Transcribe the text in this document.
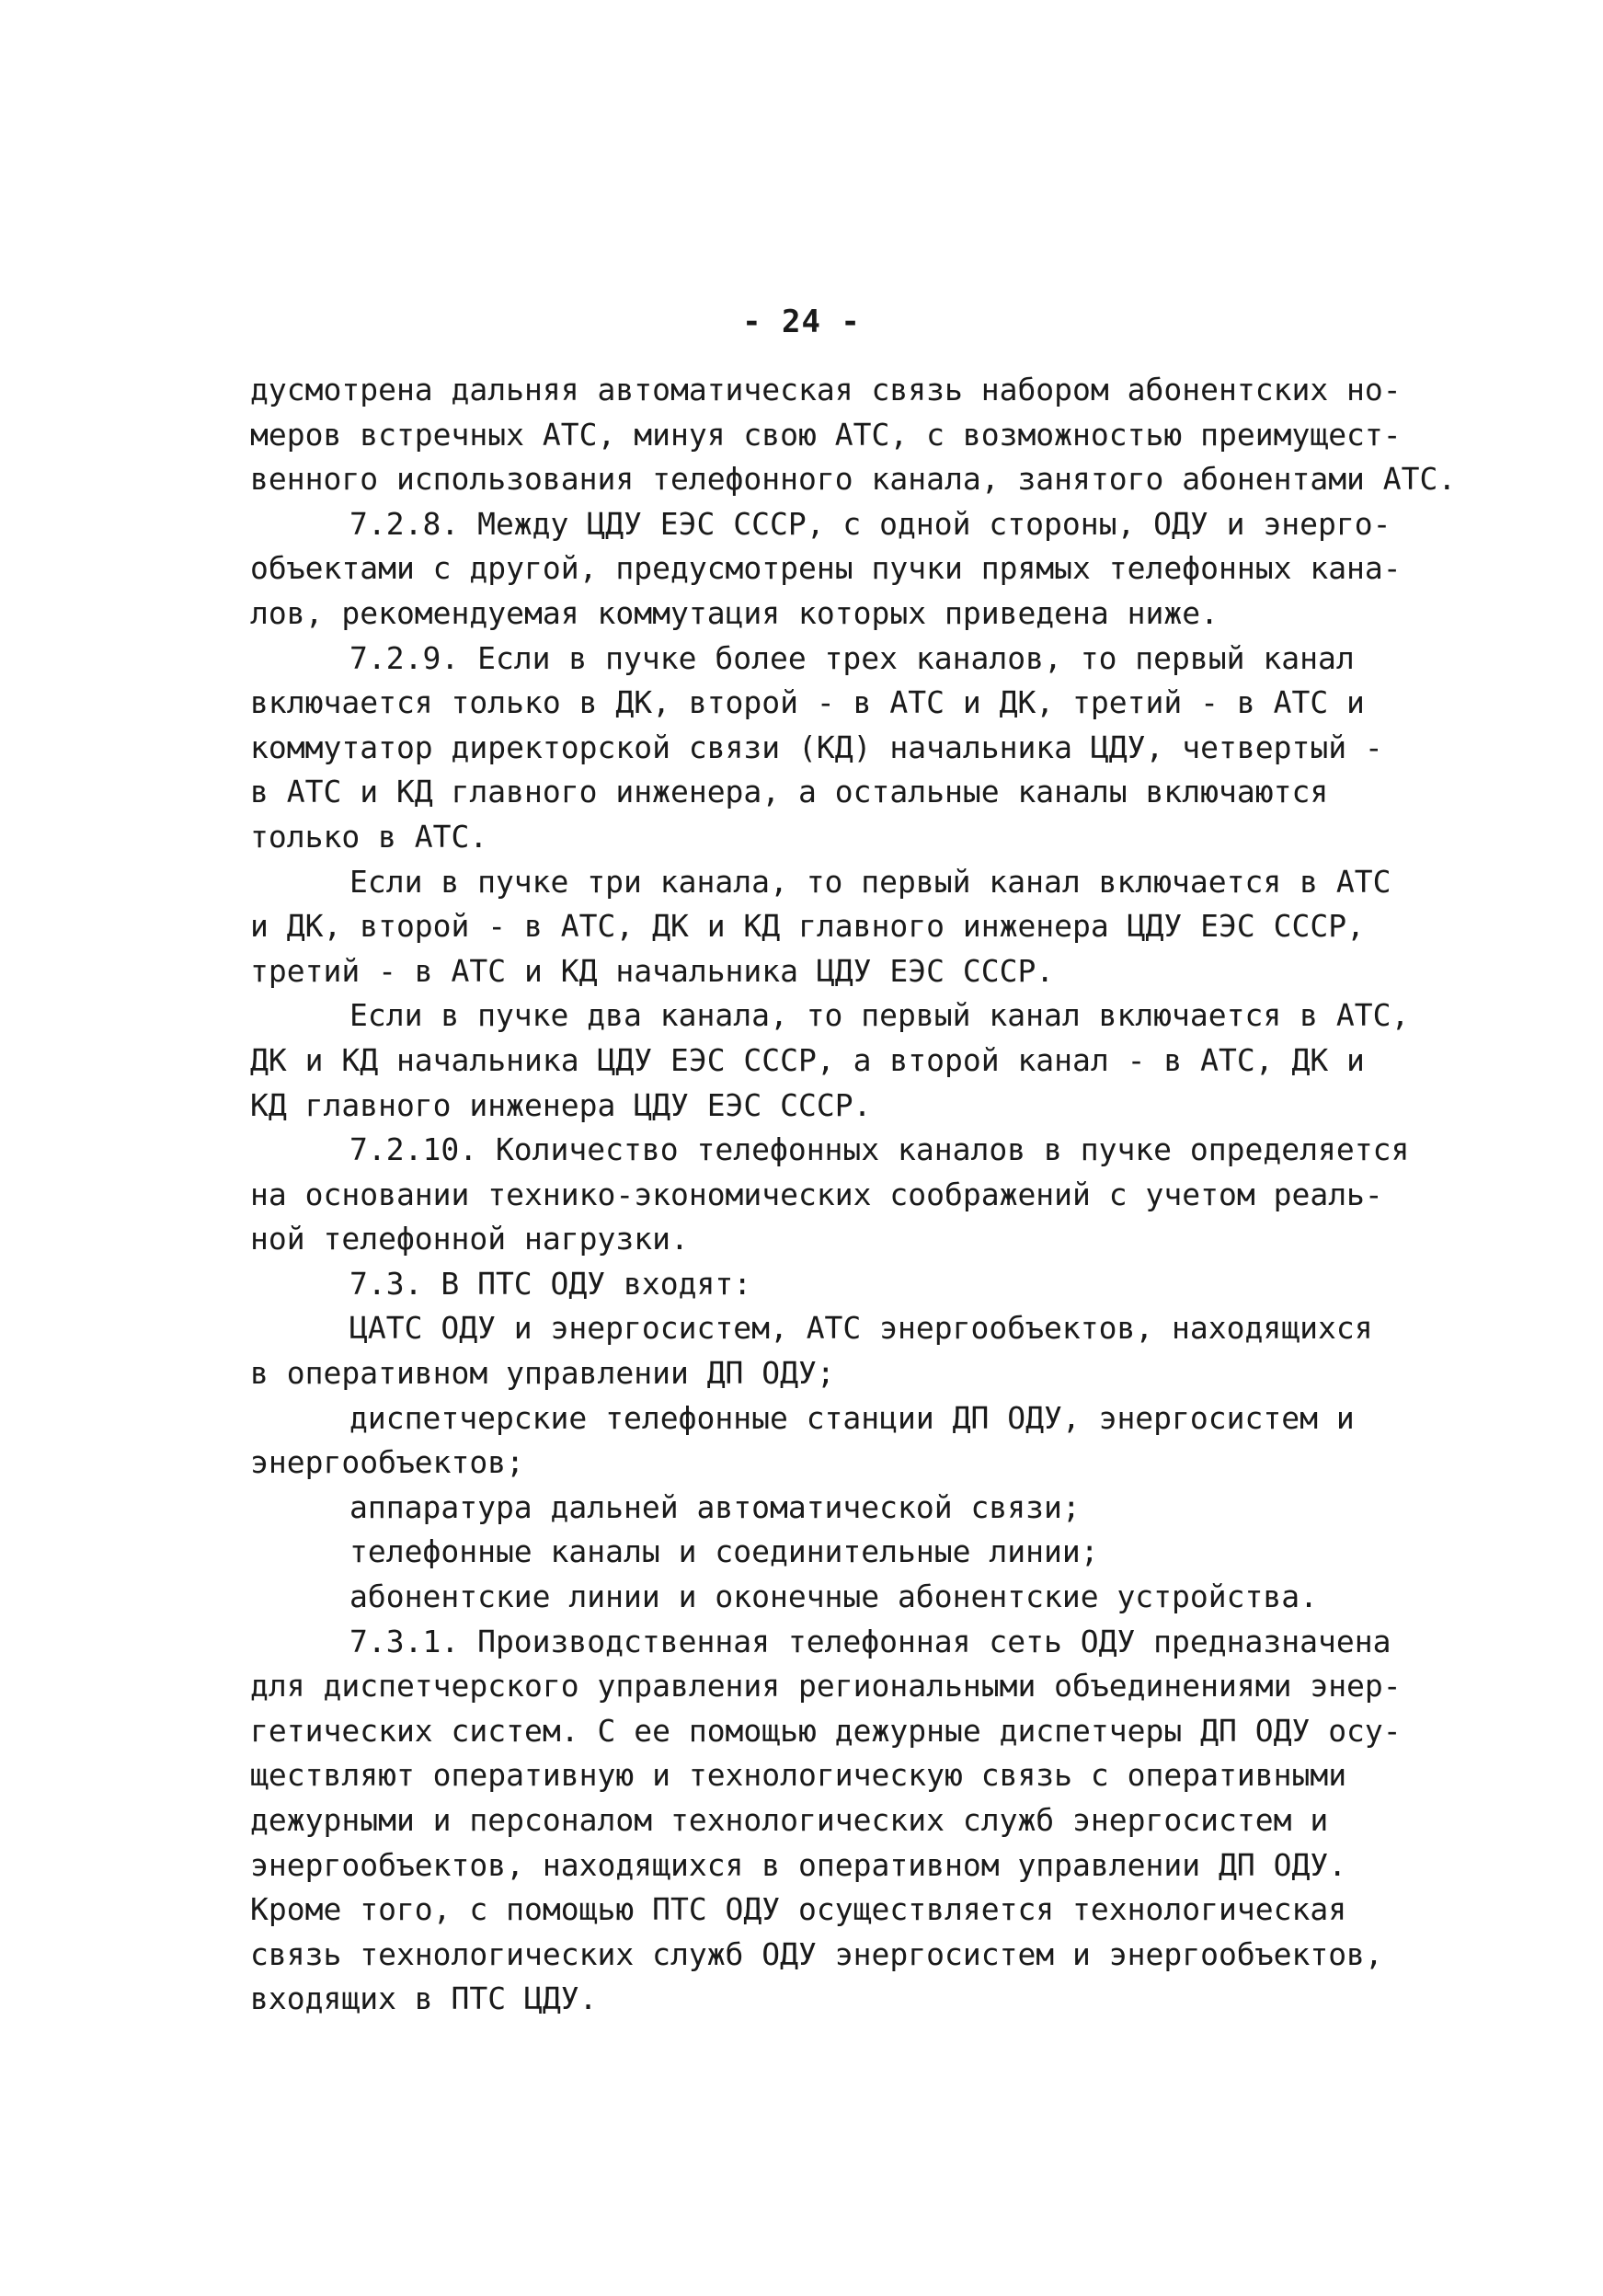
- 24 -
дусмотрена дальняя автоматическая связь набором абонентских но-
меров встречных АТС, минуя свою АТС, с возможностью преимущест-
венного использования телефонного канала, занятого абонентами АТС.
7.2.8. Между ЦДУ ЕЭС СССР, с одной стороны, ОДУ и энерго-
объектами с другой, предусмотрены пучки прямых телефонных кана-
лов, рекомендуемая коммутация которых приведена ниже.
7.2.9. Если в пучке более трех каналов, то первый канал
включается только в ДК, второй - в АТС и ДК, третий - в АТС и
коммутатор директорской связи (КД) начальника ЦДУ, четвертый -
в АТС и КД главного инженера, а остальные каналы включаются
только в АТС.
Если в пучке три канала, то первый канал включается в АТС
и ДК, второй - в АТС, ДК и КД главного инженера ЦДУ ЕЭС СССР,
третий - в АТС и КД начальника ЦДУ ЕЭС СССР.
Если в пучке два канала, то первый канал включается в АТС,
ДК и КД начальника ЦДУ ЕЭС СССР, а второй канал - в АТС, ДК и
КД главного инженера ЦДУ ЕЭС СССР.
7.2.10. Количество телефонных каналов в пучке определяется
на основании технико-экономических соображений с учетом реаль-
ной телефонной нагрузки.
7.3. В ПТС ОДУ входят:
ЦАТС ОДУ и энергосистем, АТС энергообъектов, находящихся
в оперативном управлении ДП ОДУ;
диспетчерские телефонные станции ДП ОДУ, энергосистем и
энергообъектов;
аппаратура дальней автоматической связи;
телефонные каналы и соединительные линии;
абонентские линии и оконечные абонентские устройства.
7.3.1. Производственная телефонная сеть ОДУ предназначена
для диспетчерского управления региональными объединениями энер-
гетических систем. С ее помощью дежурные диспетчеры ДП ОДУ осу-
ществляют оперативную и технологическую связь с оперативными
дежурными и персоналом технологических служб энергосистем и
энергообъектов, находящихся в оперативном управлении ДП ОДУ.
Кроме того, с помощью ПТС ОДУ осуществляется технологическая
связь технологических служб ОДУ энергосистем и энергообъектов,
входящих в ПТС ЦДУ.
